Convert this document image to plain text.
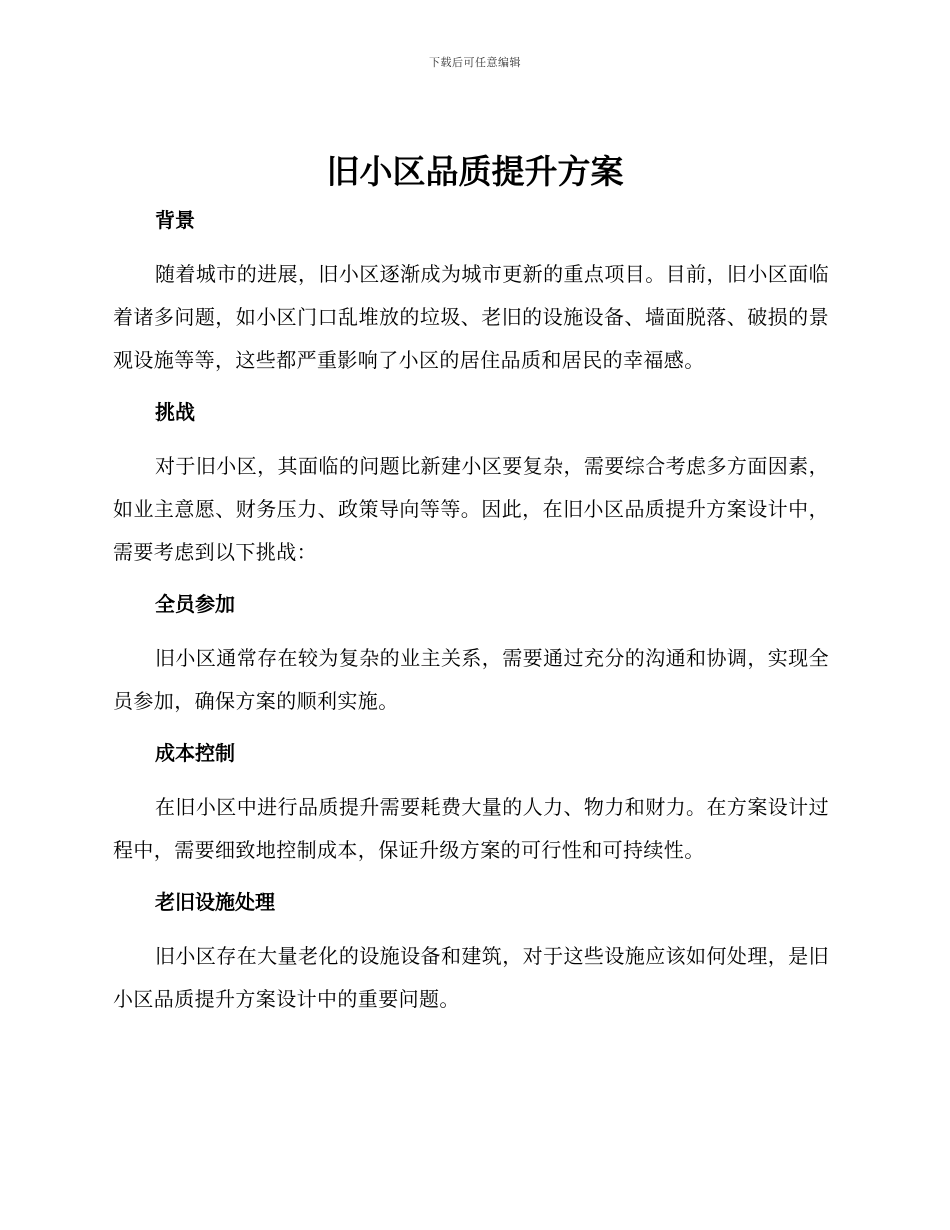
下载后可任意编辑
旧小区品质提升方案
背景

随着城市的进展，旧小区逐渐成为城市更新的重点项目。目前，旧小区面临着诸多问题，如小区门口乱堆放的垃圾、老旧的设施设备、墙面脱落、破损的景观设施等等，这些都严重影响了小区的居住品质和居民的幸福感。

挑战

对于旧小区，其面临的问题比新建小区要复杂，需要综合考虑多方面因素，如业主意愿、财务压力、政策导向等等。因此，在旧小区品质提升方案设计中，需要考虑到以下挑战：

全员参加

旧小区通常存在较为复杂的业主关系，需要通过充分的沟通和协调，实现全员参加，确保方案的顺利实施。

成本控制

在旧小区中进行品质提升需要耗费大量的人力、物力和财力。在方案设计过程中，需要细致地控制成本，保证升级方案的可行性和可持续性。

老旧设施处理

旧小区存在大量老化的设施设备和建筑，对于这些设施应该如何处理，是旧小区品质提升方案设计中的重要问题。
